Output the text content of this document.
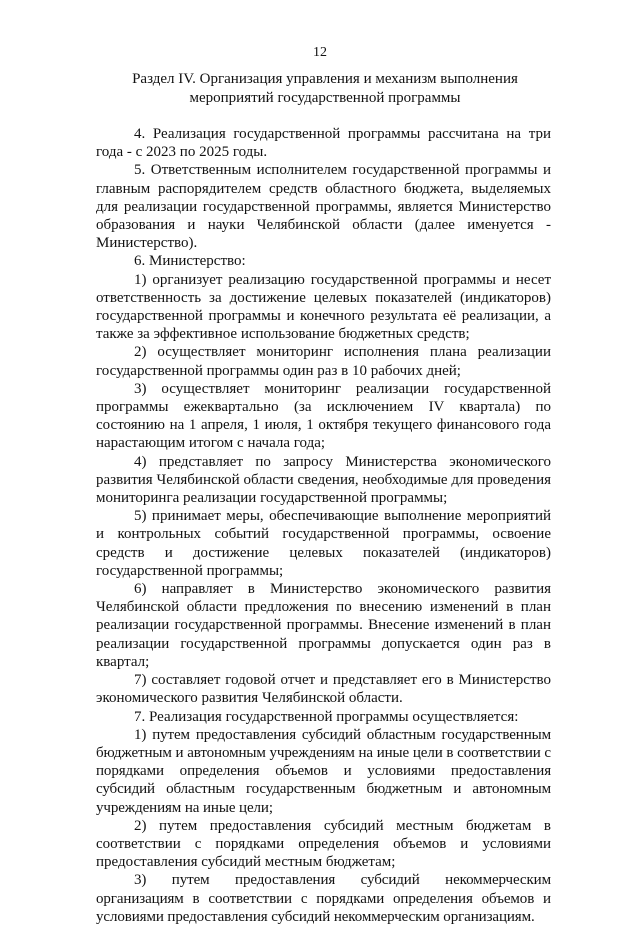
12
Раздел IV. Организация управления и механизм выполнения мероприятий государственной программы

4. Реализация государственной программы рассчитана на три года - с 2023 по 2025 годы.

5. Ответственным исполнителем государственной программы и главным распорядителем средств областного бюджета, выделяемых для реализации государственной программы, является Министерство образования и науки Челябинской области (далее именуется - Министерство).

6. Министерство:

1) организует реализацию государственной программы и несет ответственность за достижение целевых показателей (индикаторов) государственной программы и конечного результата её реализации, а также за эффективное использование бюджетных средств;

2) осуществляет мониторинг исполнения плана реализации государственной программы один раз в 10 рабочих дней;

3) осуществляет мониторинг реализации государственной программы ежеквартально (за исключением IV квартала) по состоянию на 1 апреля, 1 июля, 1 октября текущего финансового года нарастающим итогом с начала года;

4) представляет по запросу Министерства экономического развития Челябинской области сведения, необходимые для проведения мониторинга реализации государственной программы;

5) принимает меры, обеспечивающие выполнение мероприятий и контрольных событий государственной программы, освоение средств и достижение целевых показателей (индикаторов) государственной программы;

6) направляет в Министерство экономического развития Челябинской области предложения по внесению изменений в план реализации государственной программы. Внесение изменений в план реализации государственной программы допускается один раз в квартал;

7) составляет годовой отчет и представляет его в Министерство экономического развития Челябинской области.

7. Реализация государственной программы осуществляется:

1) путем предоставления субсидий областным государственным бюджетным и автономным учреждениям на иные цели в соответствии с порядками определения объемов и условиями предоставления субсидий областным государственным бюджетным и автономным учреждениям на иные цели;

2) путем предоставления субсидий местным бюджетам в соответствии с порядками определения объемов и условиями предоставления субсидий местным бюджетам;

3) путем предоставления субсидий некоммерческим организациям в соответствии с порядками определения объемов и условиями предоставления субсидий некоммерческим организациям.
